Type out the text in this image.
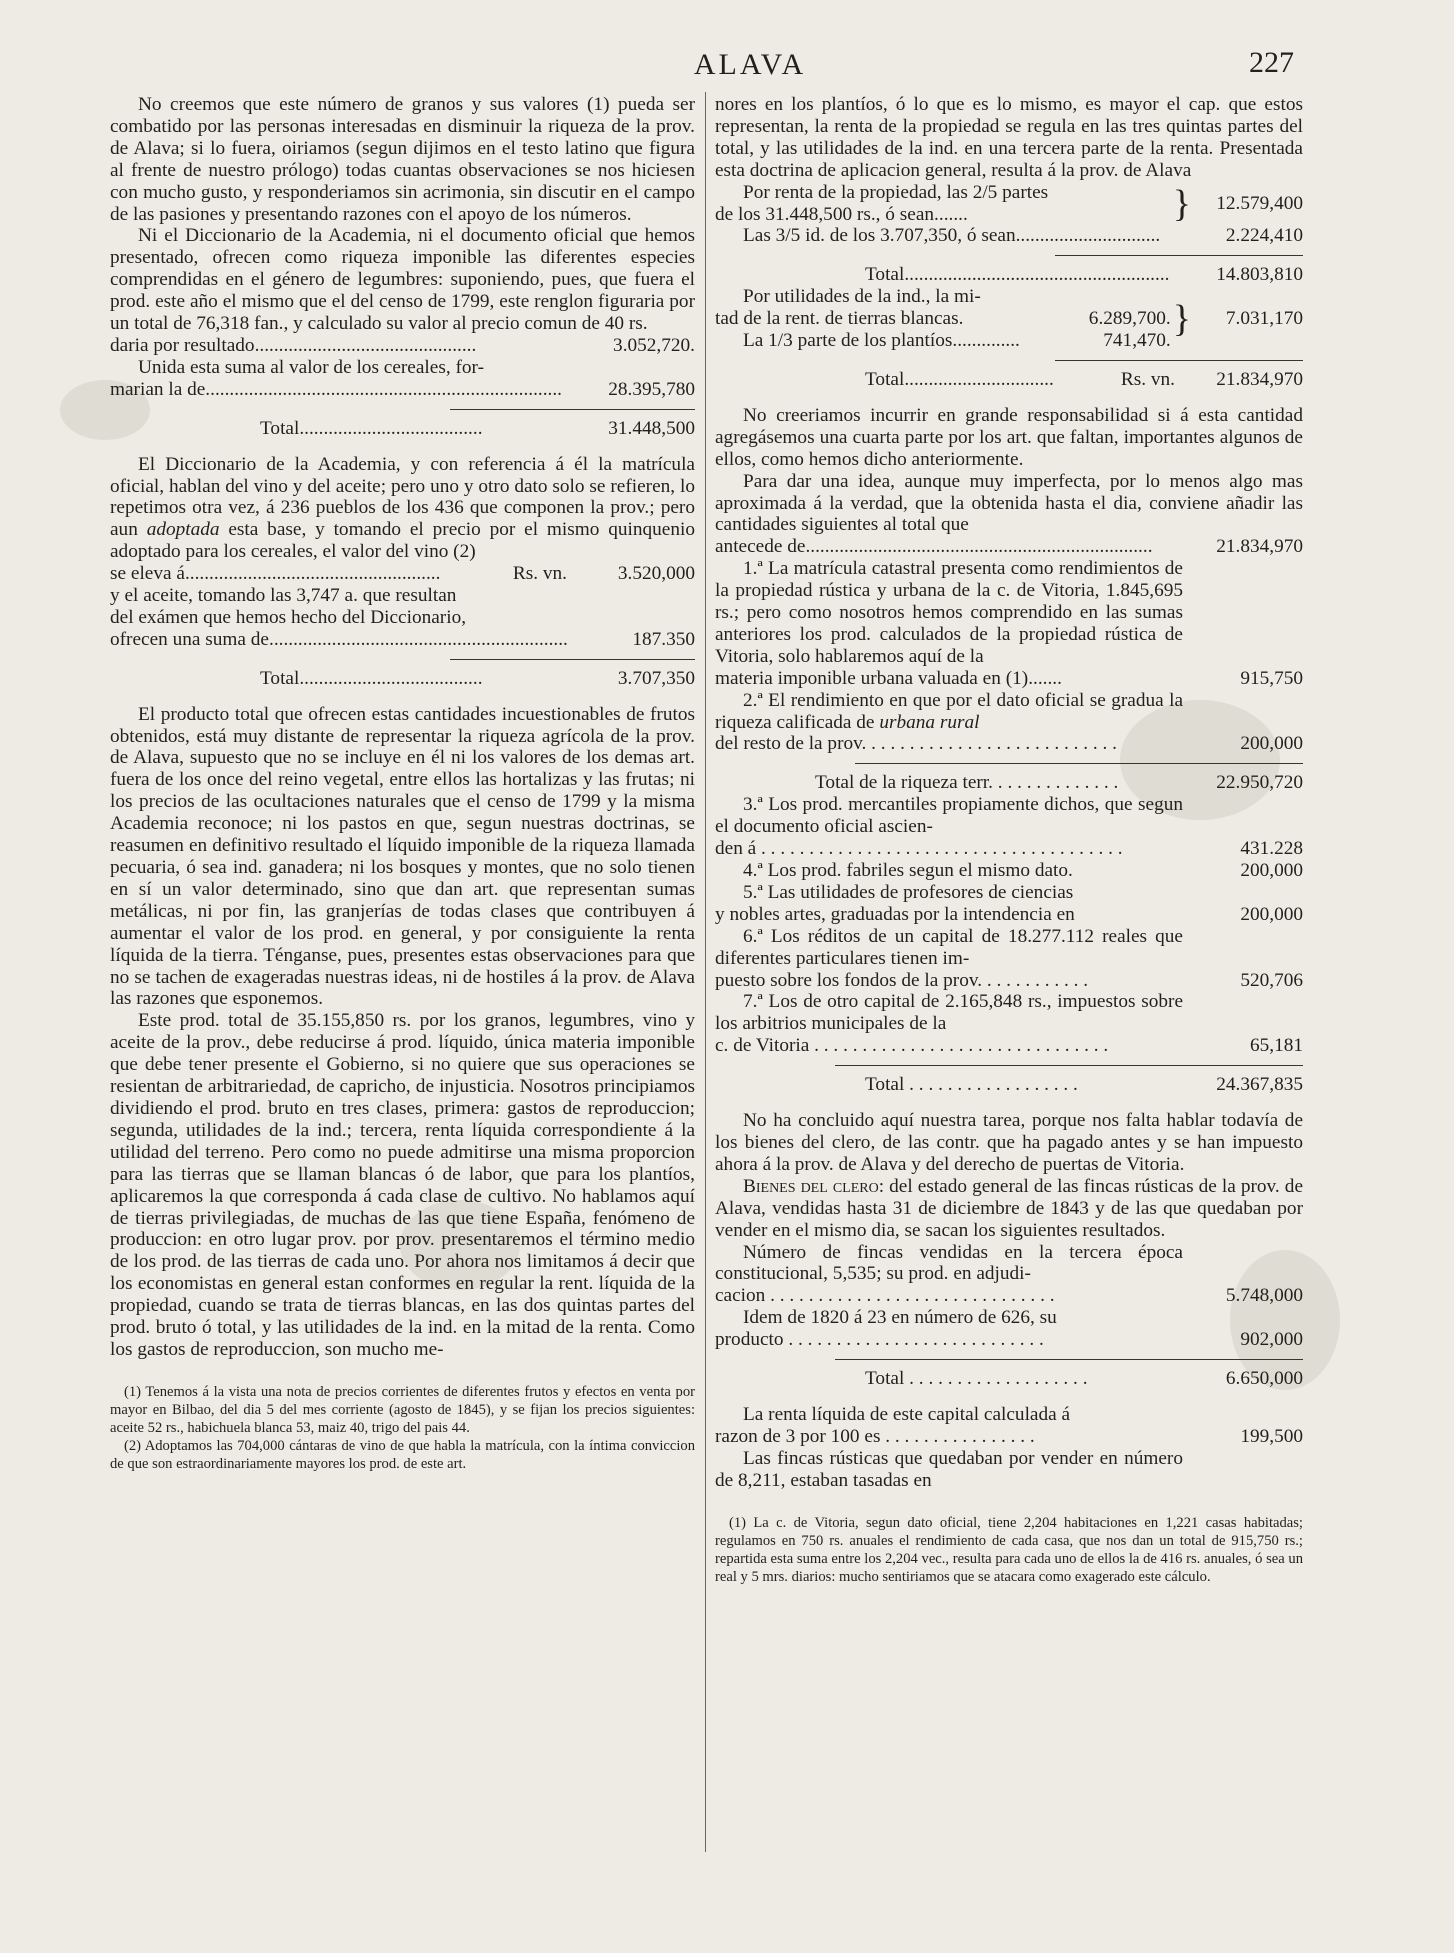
ALAVA	227

No creemos que este número de granos y sus valores (1) pueda ser combatido por las personas interesadas en disminuir la riqueza de la prov. de Alava; si lo fuera, oiriamos (segun dijimos en el testo latino que figura al frente de nuestro prólogo) todas cuantas observaciones se nos hiciesen con mucho gusto, y responderiamos sin acrimonia, sin discutir en el campo de las pasiones y presentando razones con el apoyo de los números.

Ni el Diccionario de la Academia, ni el documento oficial que hemos presentado, ofrecen como riqueza imponible las diferentes especies comprendidas en el género de legumbres: suponiendo, pues, que fuera el prod. este año el mismo que el del censo de 1799, este renglon figuraria por un total de 76,318 fan., y calculado su valor al precio comun de 40 rs.

daria por resultado..............................................	3.052,720.

Unida esta suma al valor de los cereales, for-

marian la de..........................................................................	28.395,780
Total......................................	31.448,500

El Diccionario de la Academia, y con referencia á él la matrícula oficial, hablan del vino y del aceite; pero uno y otro dato solo se refieren, lo repetimos otra vez, á 236 pueblos de los 436 que componen la prov.; pero aun adoptada esta base, y tomando el precio por el mismo quinquenio adoptado para los cereales, el valor del vino (2)

se eleva á.....................................................	Rs. vn.	3.520,000

y el aceite, tomando las 3,747 a. que resultan

del exámen que hemos hecho del Diccionario,

ofrecen una suma de..............................................................	187.350
Total......................................	3.707,350

El producto total que ofrecen estas cantidades incuestionables de frutos obtenidos, está muy distante de representar la riqueza agrícola de la prov. de Alava, supuesto que no se incluye en él ni los valores de los demas art. fuera de los once del reino vegetal, entre ellos las hortalizas y las frutas; ni los precios de las ocultaciones naturales que el censo de 1799 y la misma Academia reconoce; ni los pastos en que, segun nuestras doctrinas, se reasumen en definitivo resultado el líquido imponible de la riqueza llamada pecuaria, ó sea ind. ganadera; ni los bosques y montes, que no solo tienen en sí un valor determinado, sino que dan art. que representan sumas metálicas, ni por fin, las granjerías de todas clases que contribuyen á aumentar el valor de los prod. en general, y por consiguiente la renta líquida de la tierra. Ténganse, pues, presentes estas observaciones para que no se tachen de exageradas nuestras ideas, ni de hostiles á la prov. de Alava las razones que esponemos.

Este prod. total de 35.155,850 rs. por los granos, legumbres, vino y aceite de la prov., debe reducirse á prod. líquido, única materia imponible que debe tener presente el Gobierno, si no quiere que sus operaciones se resientan de arbitrariedad, de capricho, de injusticia. Nosotros principiamos dividiendo el prod. bruto en tres clases, primera: gastos de reproduccion; segunda, utilidades de la ind.; tercera, renta líquida correspondiente á la utilidad del terreno. Pero como no puede admitirse una misma proporcion para las tierras que se llaman blancas ó de labor, que para los plantíos, aplicaremos la que corresponda á cada clase de cultivo. No hablamos aquí de tierras privilegiadas, de muchas de las que tiene España, fenómeno de produccion: en otro lugar prov. por prov. presentaremos el término medio de los prod. de las tierras de cada uno. Por ahora nos limitamos á decir que los economistas en general estan conformes en regular la rent. líquida de la propiedad, cuando se trata de tierras blancas, en las dos quintas partes del prod. bruto ó total, y las utilidades de la ind. en la mitad de la renta. Como los gastos de reproduccion, son mucho me-

(1) Tenemos á la vista una nota de precios corrientes de diferentes frutos y efectos en venta por mayor en Bilbao, del dia 5 del mes corriente (agosto de 1845), y se fijan los precios siguientes: aceite 52 rs., habichuela blanca 53, maiz 40, trigo del pais 44.

(2) Adoptamos las 704,000 cántaras de vino de que habla la matrícula, con la íntima conviccion de que son estraordinariamente mayores los prod. de este art.

nores en los plantíos, ó lo que es lo mismo, es mayor el cap. que estos representan, la renta de la propiedad se regula en las tres quintas partes del total, y las utilidades de la ind. en una tercera parte de la renta. Presentada esta doctrina de aplicacion general, resulta á la prov. de Alava

Por renta de la propiedad, las 2/5 partes
de los 31.448,500 rs., ó sean.......	}	12.579,400
Las 3/5 id. de los 3.707,350, ó sean..............................	2.224,410
Total.......................................................	14.803,810
Por utilidades de la ind., la mi-
tad de la rent. de tierras blancas.	6.289,700.
La 1/3 parte de los plantíos..............	741,470.
}	7.031,170
Total...............................	Rs. vn.	21.834,970

No creeriamos incurrir en grande responsabilidad si á esta cantidad agregásemos una cuarta parte por los art. que faltan, importantes algunos de ellos, como hemos dicho anteriormente.

Para dar una idea, aunque muy imperfecta, por lo menos algo mas aproximada á la verdad, que la obtenida hasta el dia, conviene añadir las cantidades siguientes al total que

antecede de........................................................................	21.834,970

1.ª La matrícula catastral presenta como rendimientos de la propiedad rústica y urbana de la c. de Vitoria, 1.845,695 rs.; pero como nosotros hemos comprendido en las sumas anteriores los prod. calculados de la propiedad rústica de Vitoria, solo hablaremos aquí de la

materia imponible urbana valuada en (1).......	915,750

2.ª El rendimiento en que por el dato oficial se gradua la riqueza calificada de urbana rural

del resto de la prov. . . . . . . . . . . . . . . . . . . . . . . . . . .	200,000
Total de la riqueza terr. . . . . . . . . . . . . .	22.950,720

3.ª Los prod. mercantiles propiamente dichos, que segun el documento oficial ascien-

den á . . . . . . . . . . . . . . . . . . . . . . . . . . . . . . . . . . . . . .	431.228
4.ª Los prod. fabriles segun el mismo dato.	200,000
5.ª Las utilidades de profesores de ciencias
y nobles artes, graduadas por la intendencia en	200,000

6.ª Los réditos de un capital de 18.277.112 reales que diferentes particulares tienen im-

puesto sobre los fondos de la prov. . . . . . . . . . . .	520,706

7.ª Los de otro capital de 2.165,848 rs., impuestos sobre los arbitrios municipales de la

c. de Vitoria . . . . . . . . . . . . . . . . . . . . . . . . . . . . . . .	65,181
Total . . . . . . . . . . . . . . . . . .	24.367,835

No ha concluido aquí nuestra tarea, porque nos falta hablar todavía de los bienes del clero, de las contr. que ha pagado antes y se han impuesto ahora á la prov. de Alava y del derecho de puertas de Vitoria.

Bienes del clero: del estado general de las fincas rústicas de la prov. de Alava, vendidas hasta 31 de diciembre de 1843 y de las que quedaban por vender en el mismo dia, se sacan los siguientes resultados.

Número de fincas vendidas en la tercera época constitucional, 5,535; su prod. en adjudi-

cacion . . . . . . . . . . . . . . . . . . . . . . . . . . . . . .	5.748,000

Idem de 1820 á 23 en número de 626, su

producto . . . . . . . . . . . . . . . . . . . . . . . . . . .	902,000
Total . . . . . . . . . . . . . . . . . . .	6.650,000

La renta líquida de este capital calculada á

razon de 3 por 100 es . . . . . . . . . . . . . . . .	199,500

Las fincas rústicas que quedaban por vender en número de 8,211, estaban tasadas en

(1) La c. de Vitoria, segun dato oficial, tiene 2,204 habitaciones en 1,221 casas habitadas; regulamos en 750 rs. anuales el rendimiento de cada casa, que nos dan un total de 915,750 rs.; repartida esta suma entre los 2,204 vec., resulta para cada uno de ellos la de 416 rs. anuales, ó sea un real y 5 mrs. diarios: mucho sentiriamos que se atacara como exagerado este cálculo.
